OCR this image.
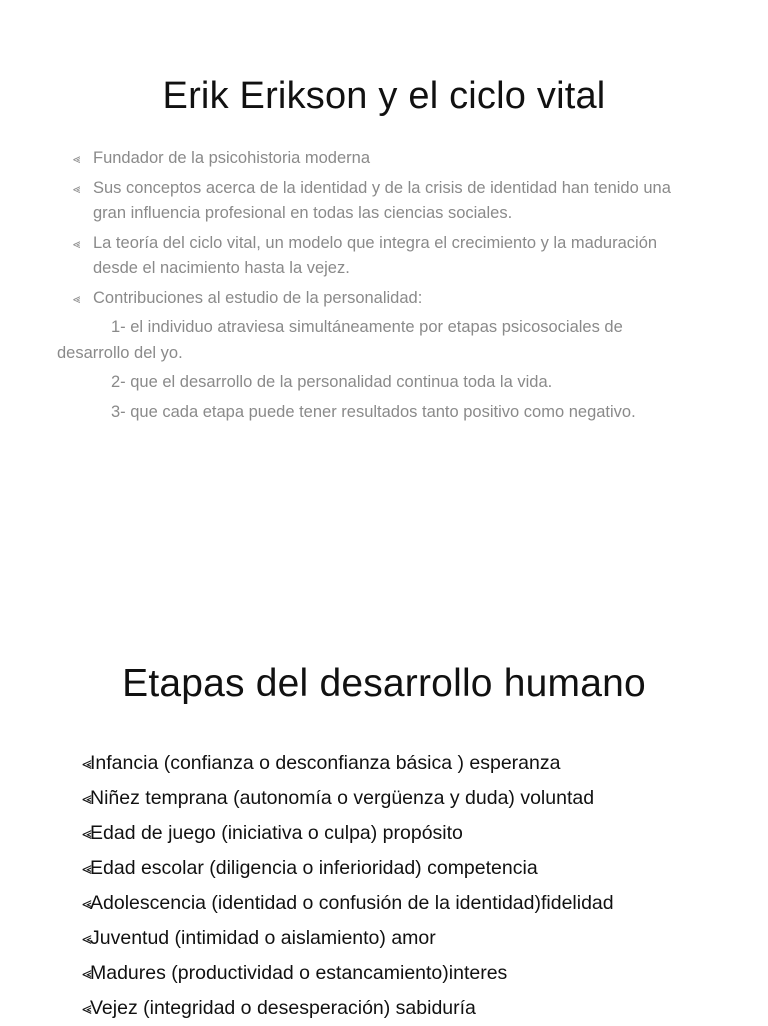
Erik Erikson y el ciclo vital
⪡ Fundador de la psicohistoria moderna
⪡ Sus conceptos acerca de la identidad y de la crisis de identidad han tenido una gran influencia profesional en todas las ciencias sociales.
⪡ La teoría del ciclo vital, un modelo que integra el crecimiento y la maduración desde el nacimiento hasta la vejez.
⪡ Contribuciones al estudio de la personalidad:
1- el individuo atraviesa simultáneamente por etapas psicosociales de desarrollo del yo.
2- que el desarrollo de la personalidad continua toda la vida.
3- que cada etapa puede tener resultados tanto positivo como negativo.
Etapas del desarrollo humano
⪡
Infancia (confianza o desconfianza básica ) esperanza
⪡
Niñez temprana (autonomía o vergüenza y duda) voluntad
⪡
Edad de juego (iniciativa o culpa) propósito
⪡
Edad escolar (diligencia o inferioridad) competencia
⪡
Adolescencia (identidad o confusión de la identidad)fidelidad
⪡
Juventud (intimidad o aislamiento) amor
⪡
Madures (productividad o estancamiento)interes
⪡
Vejez (integridad o desesperación) sabiduría
